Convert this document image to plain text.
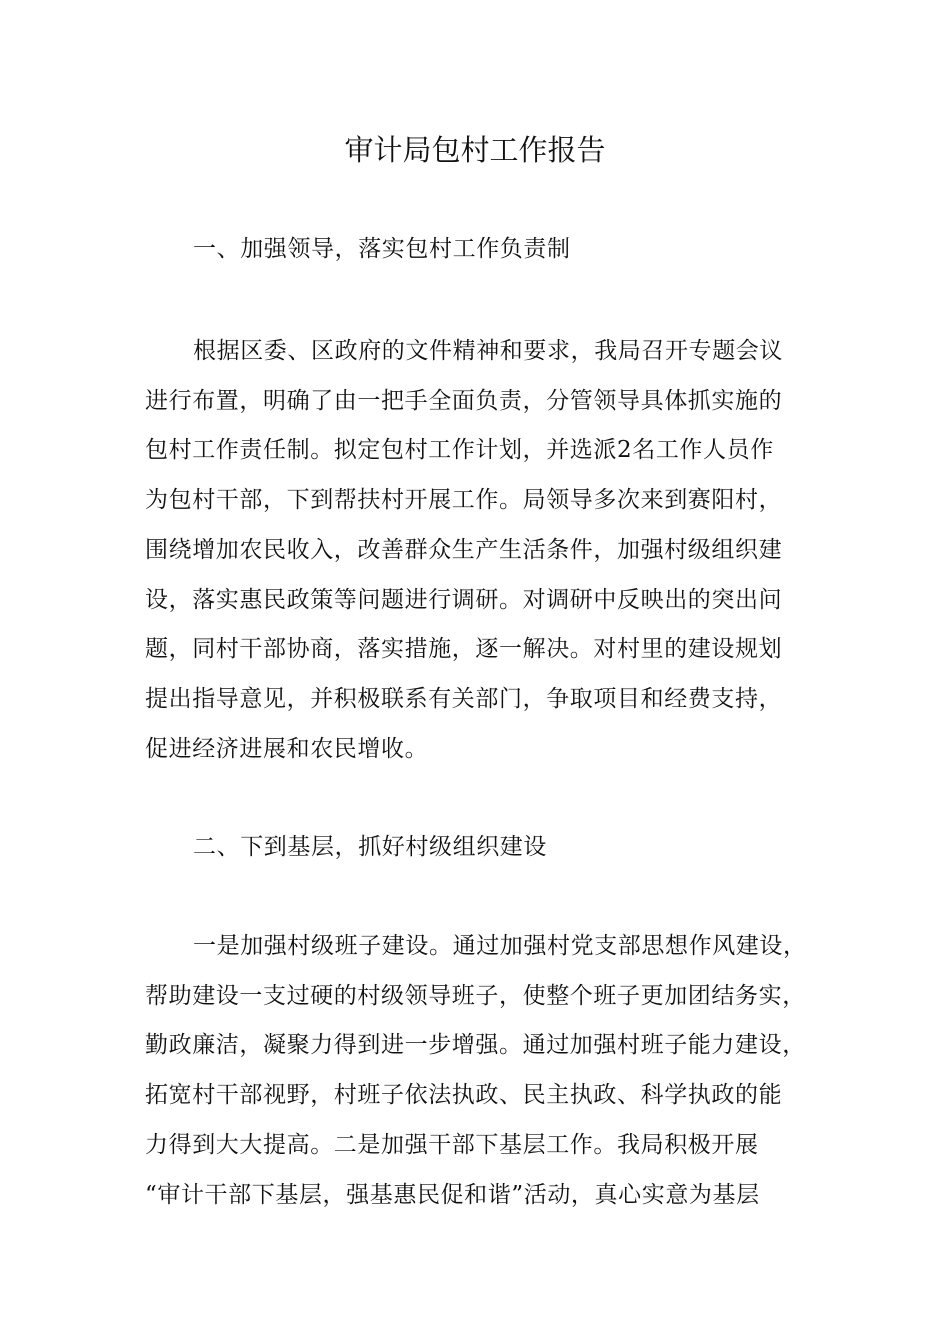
审计局包村工作报告
一、加强领导，落实包村工作负责制
根据区委、区政府的文件精神和要求，我局召开专题会议
进行布置，明确了由一把手全面负责，分管领导具体抓实施的
包村工作责任制。拟定包村工作计划，并选派2名工作人员作
为包村干部，下到帮扶村开展工作。局领导多次来到赛阳村，
围绕增加农民收入，改善群众生产生活条件，加强村级组织建
设，落实惠民政策等问题进行调研。对调研中反映出的突出问
题，同村干部协商，落实措施，逐一解决。对村里的建设规划
提出指导意见，并积极联系有关部门，争取项目和经费支持，
促进经济进展和农民增收。
二、下到基层，抓好村级组织建设
一是加强村级班子建设。通过加强村党支部思想作风建设，
帮助建设一支过硬的村级领导班子，使整个班子更加团结务实，
勤政廉洁，凝聚力得到进一步增强。通过加强村班子能力建设，
拓宽村干部视野，村班子依法执政、民主执政、科学执政的能
力得到大大提高。二是加强干部下基层工作。我局积极开展
“审计干部下基层，强基惠民促和谐”活动，真心实意为基层
